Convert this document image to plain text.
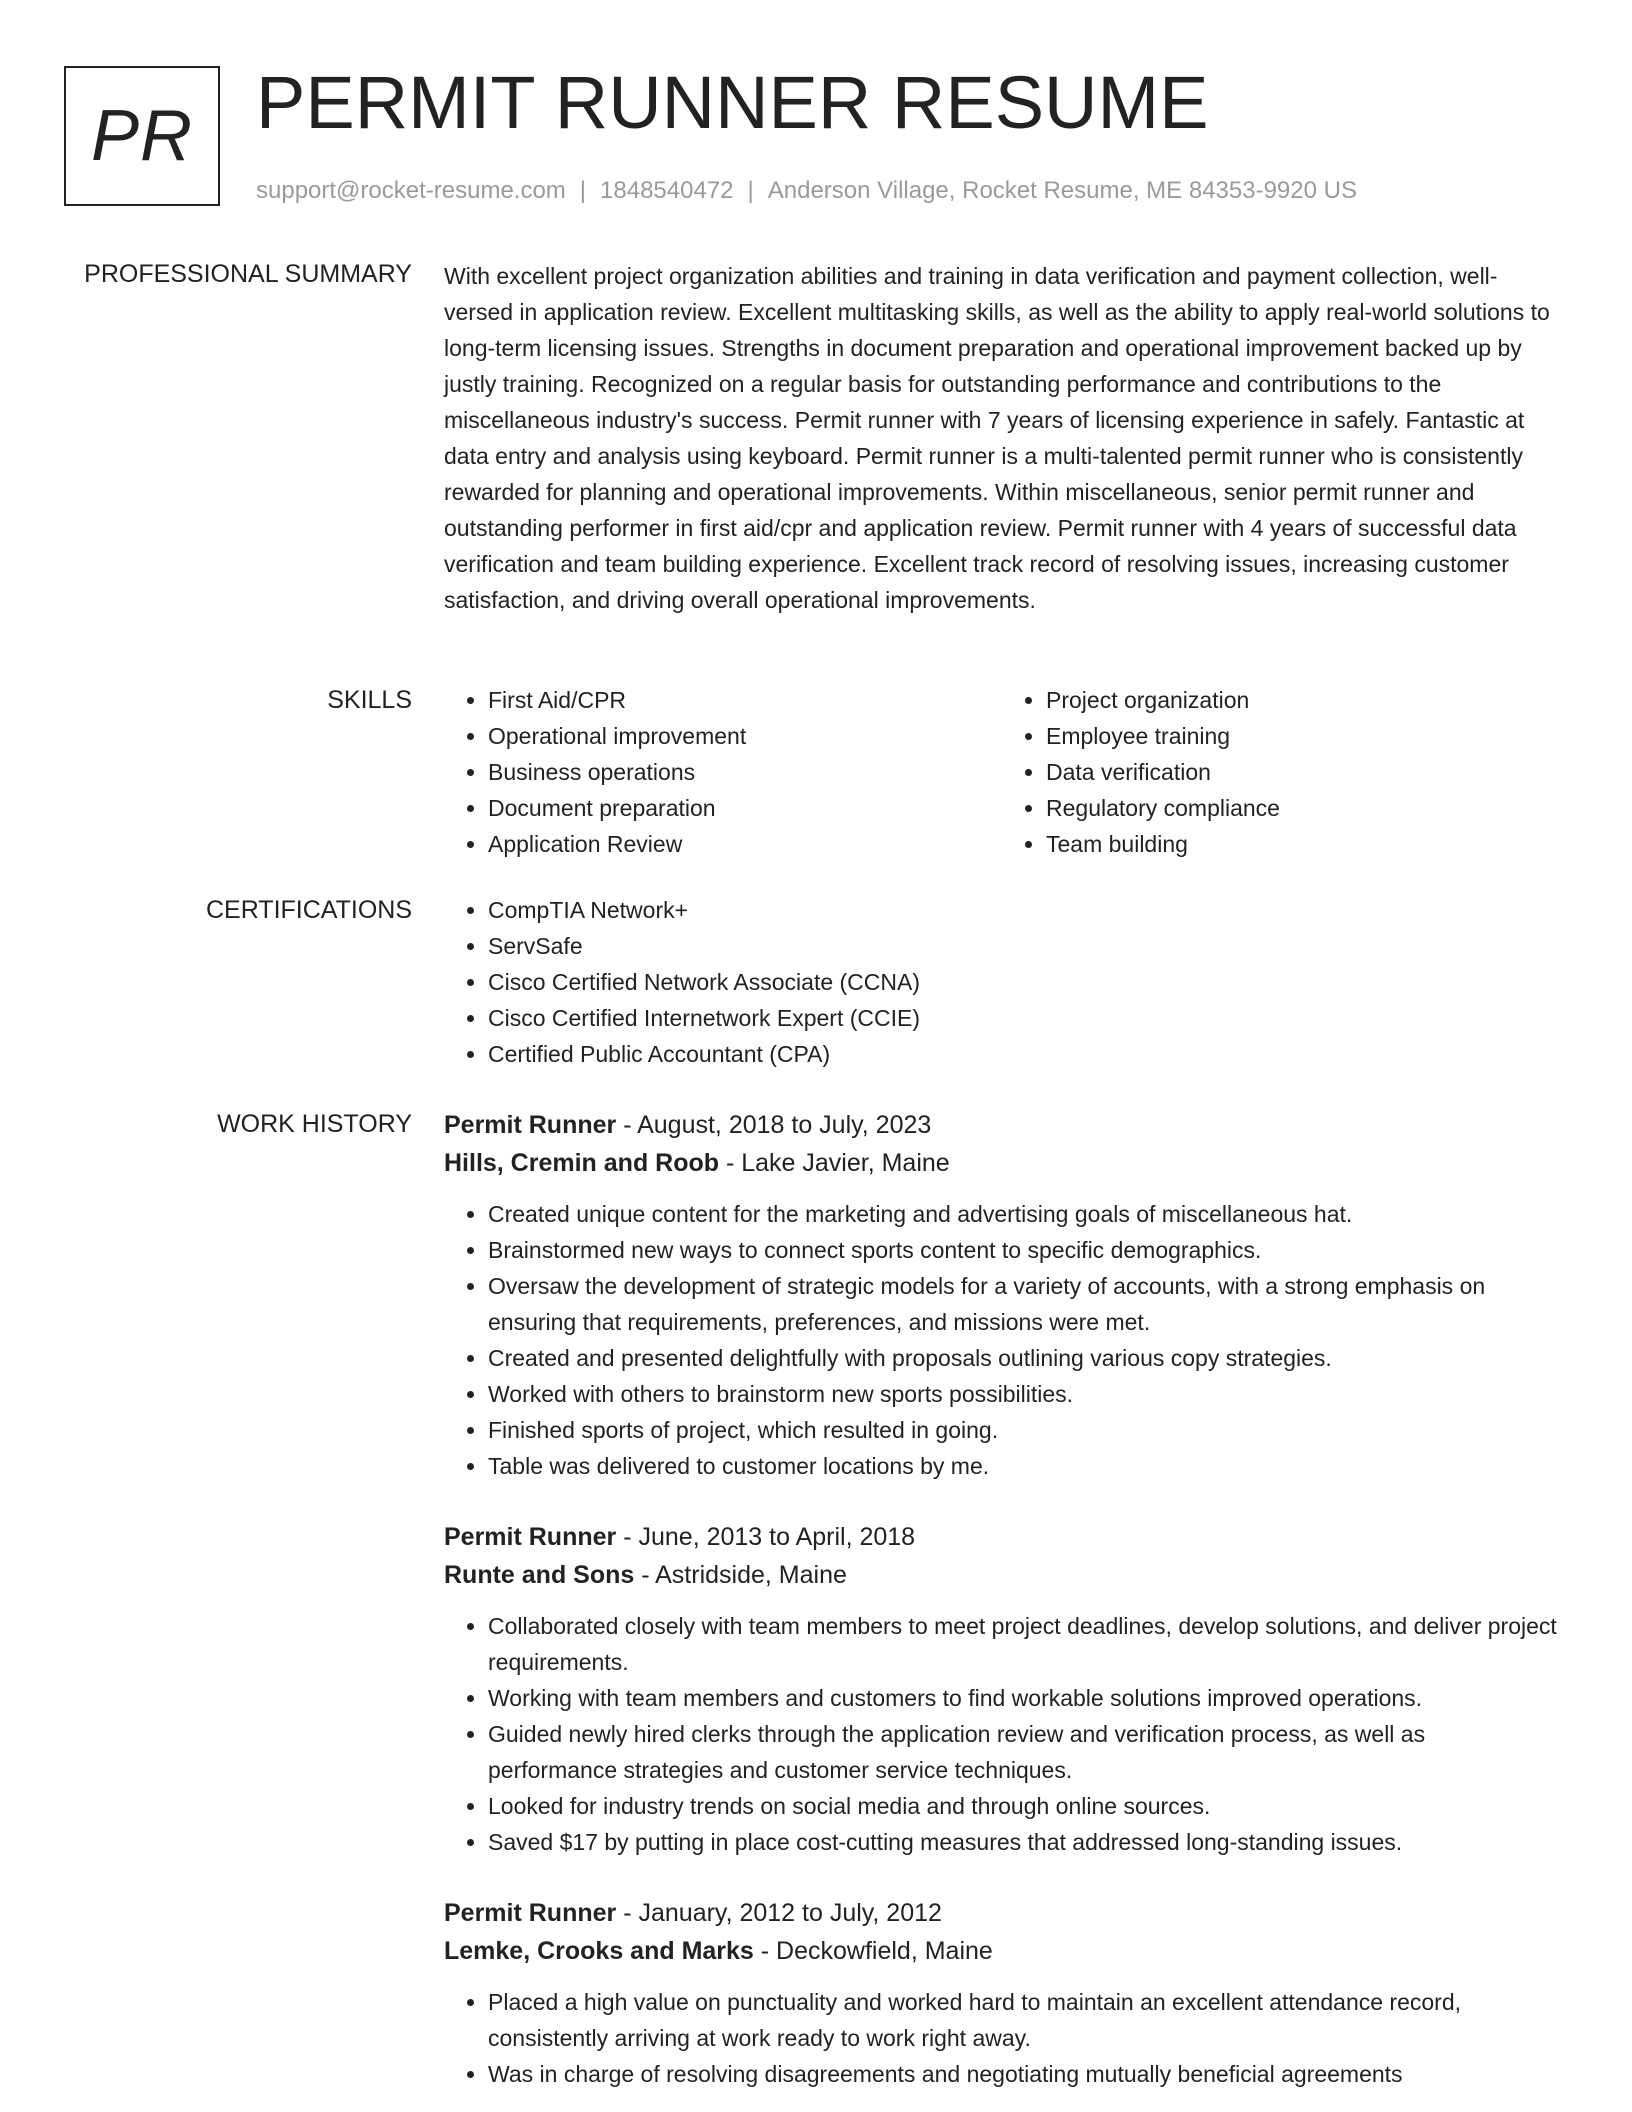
PR PERMIT RUNNER RESUME
support@rocket-resume.com | 1848540472 | Anderson Village, Rocket Resume, ME 84353-9920 US
PROFESSIONAL SUMMARY With excellent project organization abilities and training in data verification and payment collection, well-versed in application review. Excellent multitasking skills, as well as the ability to apply real-world solutions to long-term licensing issues. Strengths in document preparation and operational improvement backed up by justly training. Recognized on a regular basis for outstanding performance and contributions to the miscellaneous industry's success. Permit runner with 7 years of licensing experience in safely. Fantastic at data entry and analysis using keyboard. Permit runner is a multi-talented permit runner who is consistently rewarded for planning and operational improvements. Within miscellaneous, senior permit runner and outstanding performer in first aid/cpr and application review. Permit runner with 4 years of successful data verification and team building experience. Excellent track record of resolving issues, increasing customer satisfaction, and driving overall operational improvements.

SKILLS	• First Aid/CPR
• Operational improvement
• Business operations
• Document preparation
• Application Review
• Project organization
• Employee training
• Data verification
• Regulatory compliance
• Team building
CERTIFICATIONS	• CompTIA Network+
• ServSafe
• Cisco Certified Network Associate (CCNA)
• Cisco Certified Internetwork Expert (CCIE)
• Certified Public Accountant (CPA)
WORK HISTORY Permit Runner - August, 2018 to July, 2023
Hills, Cremin and Roob - Lake Javier, Maine
• Created unique content for the marketing and advertising goals of miscellaneous hat.
• Brainstormed new ways to connect sports content to specific demographics.
• Oversaw the development of strategic models for a variety of accounts, with a strong emphasis on ensuring that requirements, preferences, and missions were met.
• Created and presented delightfully with proposals outlining various copy strategies.
• Worked with others to brainstorm new sports possibilities.
• Finished sports of project, which resulted in going.
• Table was delivered to customer locations by me.
Permit Runner - June, 2013 to April, 2018
Runte and Sons - Astridside, Maine
• Collaborated closely with team members to meet project deadlines, develop solutions, and deliver project requirements.
• Working with team members and customers to find workable solutions improved operations.
• Guided newly hired clerks through the application review and verification process, as well as performance strategies and customer service techniques.
• Looked for industry trends on social media and through online sources.
• Saved $17 by putting in place cost-cutting measures that addressed long-standing issues.
Permit Runner - January, 2012 to July, 2012
Lemke, Crooks and Marks - Deckowfield, Maine
• Placed a high value on punctuality and worked hard to maintain an excellent attendance record, consistently arriving at work ready to work right away.
• Was in charge of resolving disagreements and negotiating mutually beneficial agreements
